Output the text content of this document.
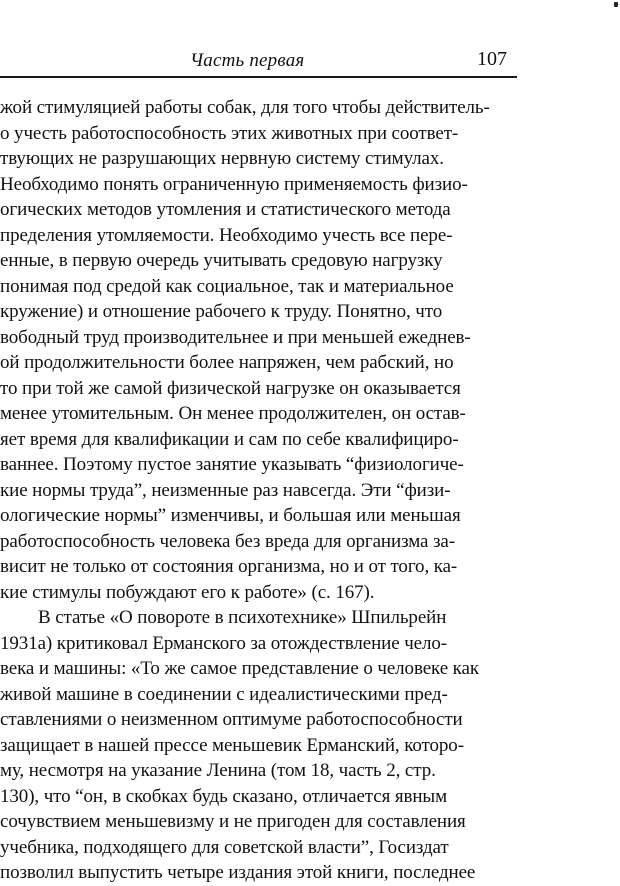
Часть первая	107
жой стимуляцией работы собак, для того чтобы действитель-
о учесть работоспособность этих животных при соответ-
твующих не разрушающих нервную систему стимулах.
Необходимо понять ограниченную применяемость физио-
огических методов утомления и статистического метода
пределения утомляемости. Необходимо учесть все пере-
енные, в первую очередь учитывать средовую нагрузку
понимая под средой как социальное, так и материальное
кружение) и отношение рабочего к труду. Понятно, что
вободный труд производительнее и при меньшей ежеднев-
ой продолжительности более напряжен, чем рабский, но
то при той же самой физической нагрузке он оказывается
менее утомительным. Он менее продолжителен, он остав-
яет время для квалификации и сам по себе квалифициро-
ваннее. Поэтому пустое занятие указывать “физиологиче-
кие нормы труда”, неизменные раз навсегда. Эти “физи-
ологические нормы” изменчивы, и большая или меньшая
работоспособность человека без вреда для организма за-
висит не только от состояния организма, но и от того, ка-
кие стимулы побуждают его к работе» (с. 167).
В статье «О повороте в психотехнике» Шпильрейн
1931а) критиковал Ерманского за отождествление чело-
века и машины: «То же самое представление о человеке как
живой машине в соединении с идеалистическими пред-
ставлениями о неизменном оптимуме работоспособности
защищает в нашей прессе меньшевик Ерманский, которо-
му, несмотря на указание Ленина (том 18, часть 2, стр.
130), что “он, в скобках будь сказано, отличается явным
сочувствием меньшевизму и не пригоден для составления
учебника, подходящего для советской власти”, Госиздат
позволил выпустить четыре издания этой книги, последнее
